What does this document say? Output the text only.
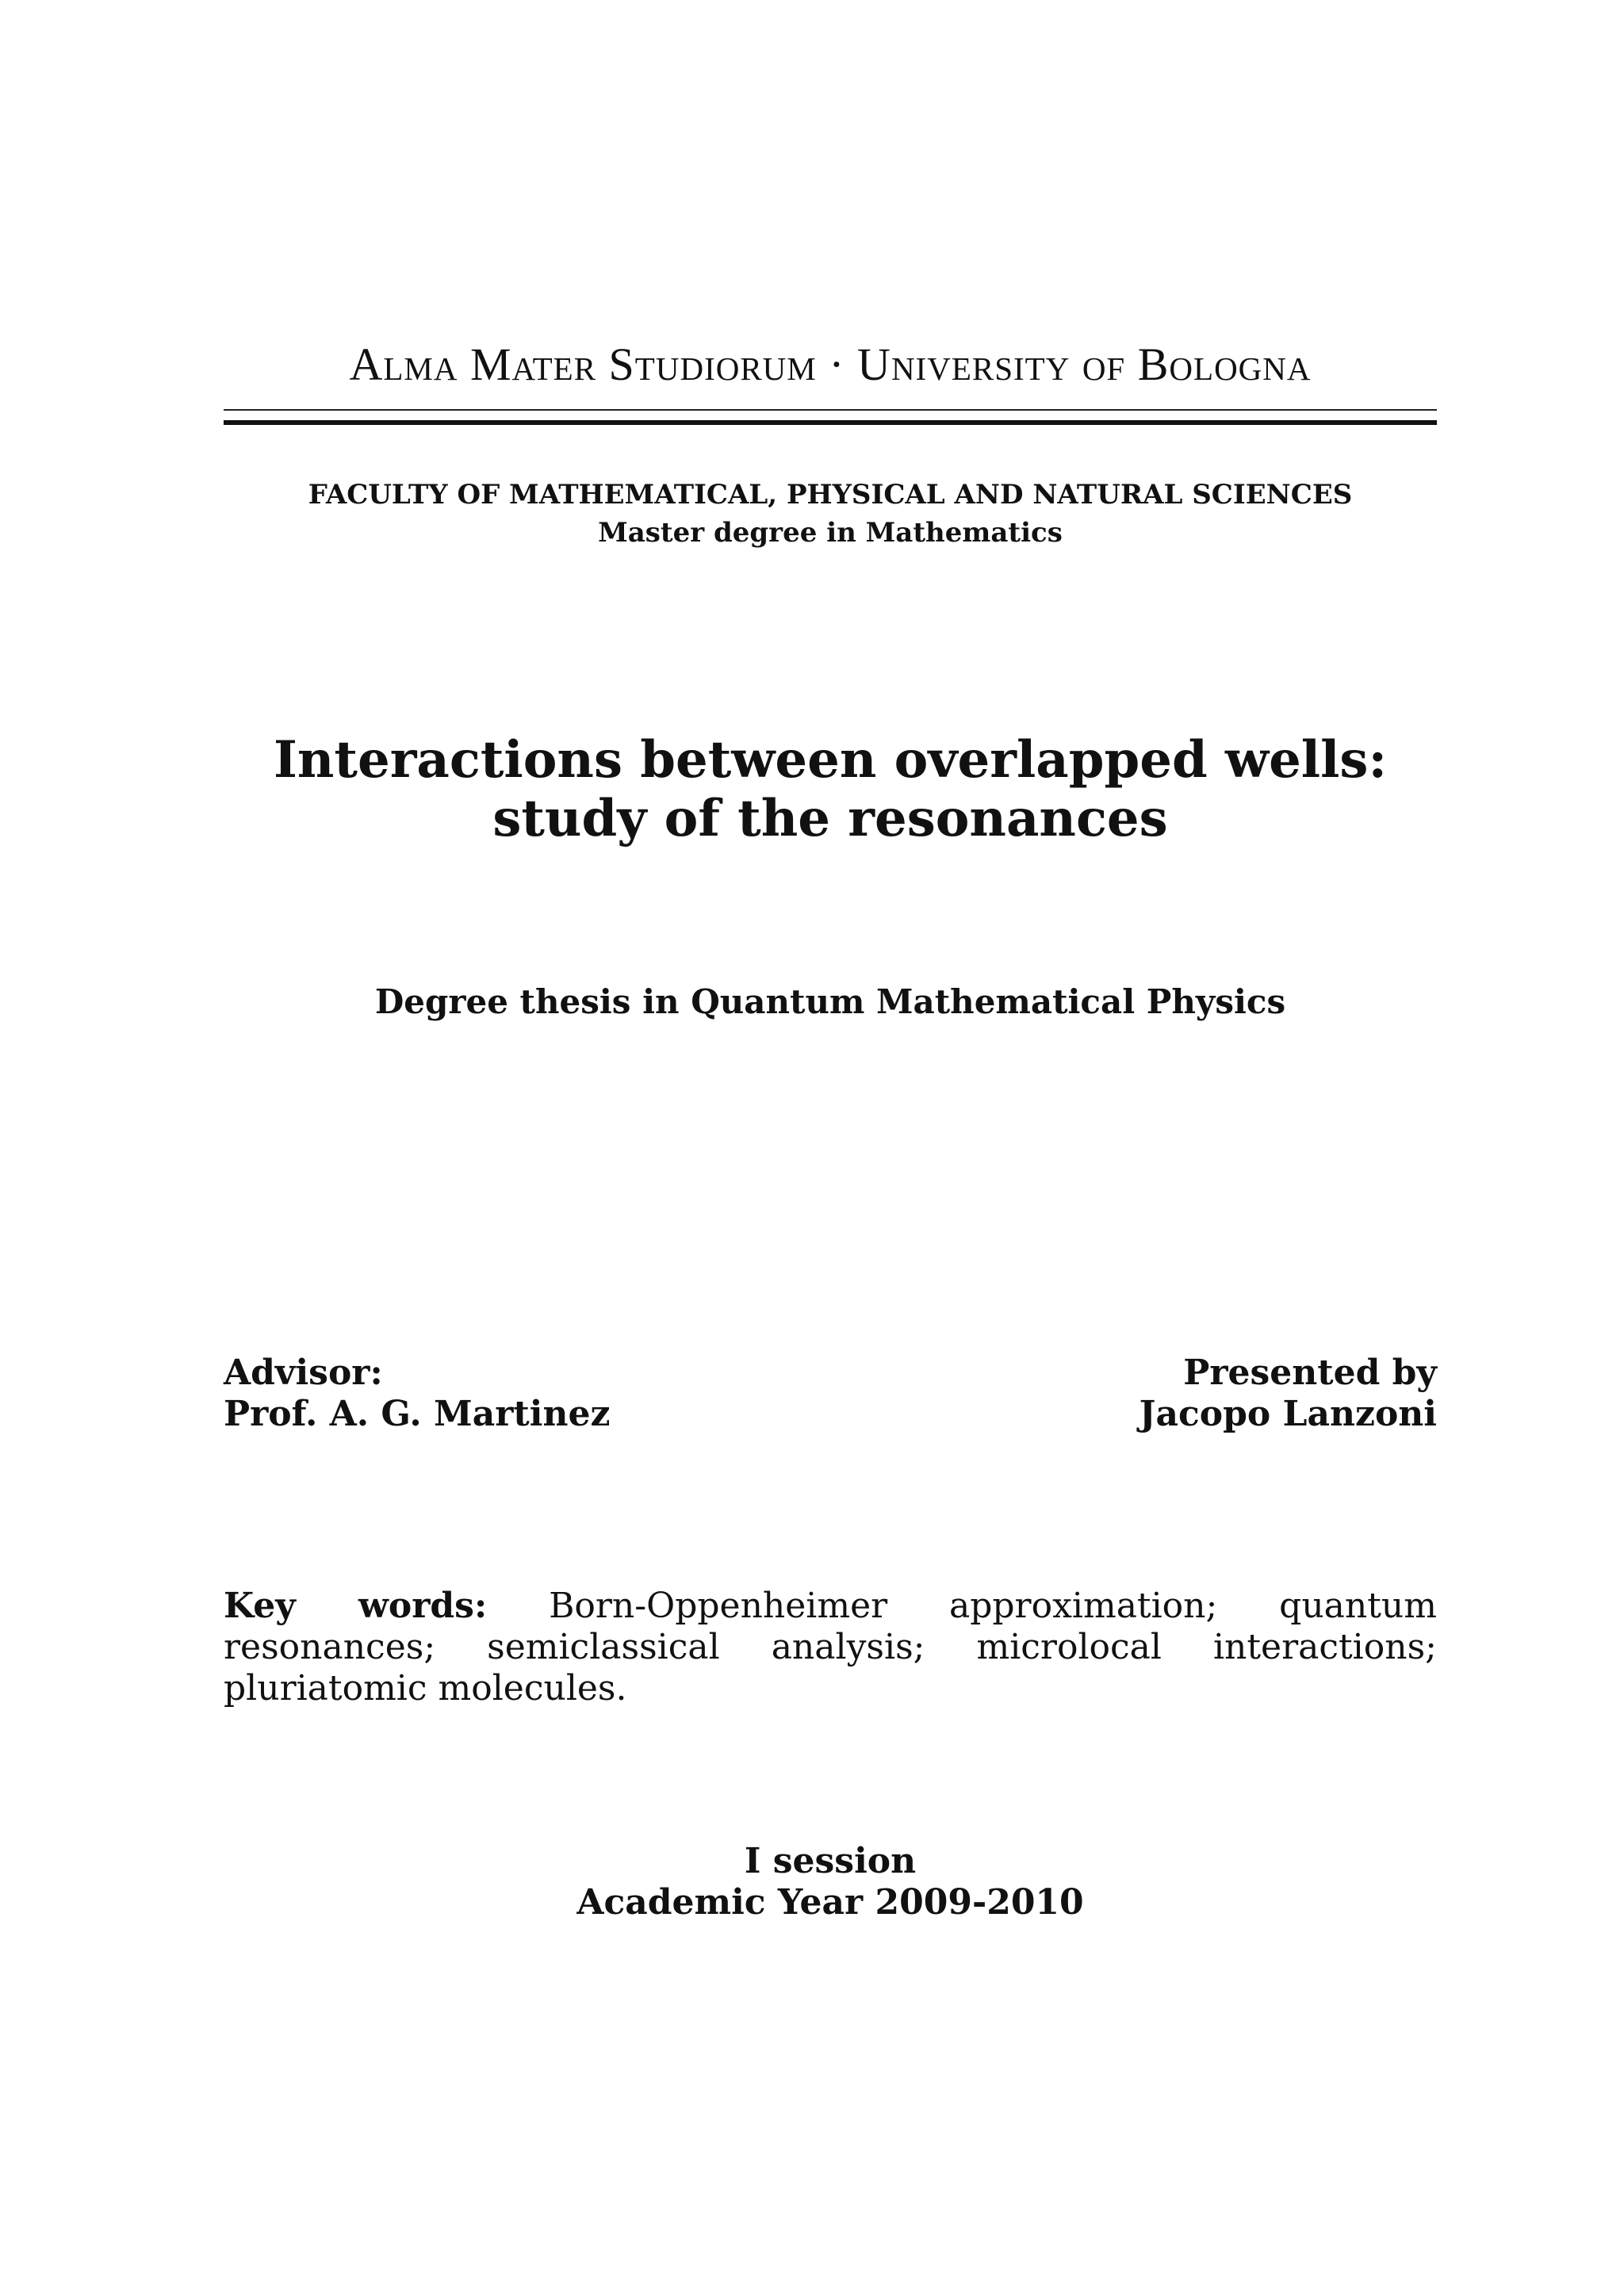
Alma Mater Studiorum · University of Bologna
FACULTY OF MATHEMATICAL, PHYSICAL AND NATURAL SCIENCES
Master degree in Mathematics
Interactions between overlapped wells:
study of the resonances
Degree thesis in Quantum Mathematical Physics
Advisor:
Prof. A. G. Martinez
Presented by
Jacopo Lanzoni
Key words: Born-Oppenheimer approximation; quantum resonances; semiclassical analysis; microlocal interactions; pluriatomic molecules.
I session
Academic Year 2009-2010
